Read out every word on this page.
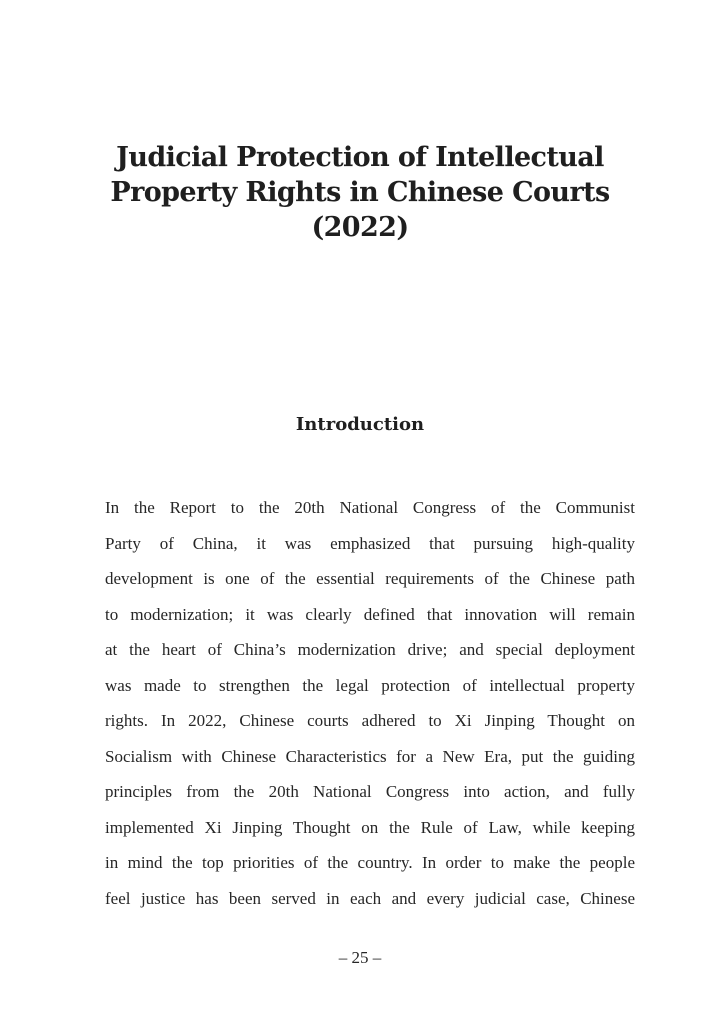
Judicial Protection of Intellectual
Property Rights in Chinese Courts
(2022)
Introduction
In the Report to the 20th National Congress of the Communist
Party of China, it was emphasized that pursuing high-quality
development is one of the essential requirements of the Chinese path
to modernization; it was clearly defined that innovation will remain
at the heart of China’s modernization drive; and special deployment
was made to strengthen the legal protection of intellectual property
rights. In 2022, Chinese courts adhered to Xi Jinping Thought on
Socialism with Chinese Characteristics for a New Era, put the guiding
principles from the 20th National Congress into action, and fully
implemented Xi Jinping Thought on the Rule of Law, while keeping
in mind the top priorities of the country. In order to make the people
feel justice has been served in each and every judicial case, Chinese
– 25 –
